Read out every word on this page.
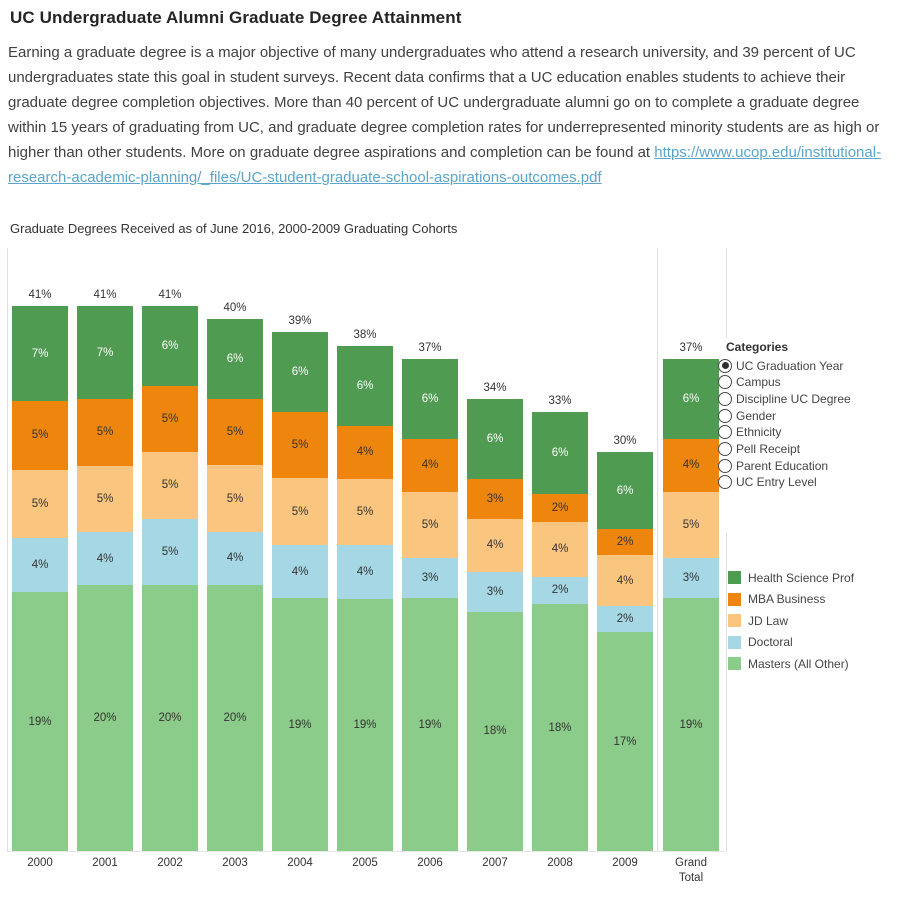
UC Undergraduate Alumni Graduate Degree Attainment
Earning a graduate degree is a major objective of many undergraduates who attend a research university, and 39 percent of UC undergraduates state this goal in student surveys. Recent data confirms that a UC education enables students to achieve their graduate degree completion objectives. More than 40 percent of UC undergraduate alumni go on to complete a graduate degree within 15 years of graduating from UC, and graduate degree completion rates for underrepresented minority students are as high or higher than other students. More on graduate degree aspirations and completion can be found at https://www.ucop.edu/institutional-research-academic-planning/_files/UC-student-graduate-school-aspirations-outcomes.pdf
Graduate Degrees Received as of June 2016, 2000-2009 Graduating Cohorts
7%
5%
5%
4%
19%
41%
2000
7%
5%
5%
4%
20%
41%
2001
6%
5%
5%
5%
20%
41%
2002
6%
5%
5%
4%
20%
40%
2003
6%
5%
5%
4%
19%
39%
2004
6%
4%
5%
4%
19%
38%
2005
6%
4%
5%
3%
19%
37%
2006
6%
3%
4%
3%
18%
34%
2007
6%
2%
4%
2%
18%
33%
2008
6%
2%
4%
2%
17%
30%
2009
6%
4%
5%
3%
19%
37%
Grand Total
Categories
UC Graduation Year
Campus
Discipline UC Degree
Gender
Ethnicity
Pell Receipt
Parent Education
UC Entry Level
Health Science Prof
MBA Business
JD Law
Doctoral
Masters (All Other)
